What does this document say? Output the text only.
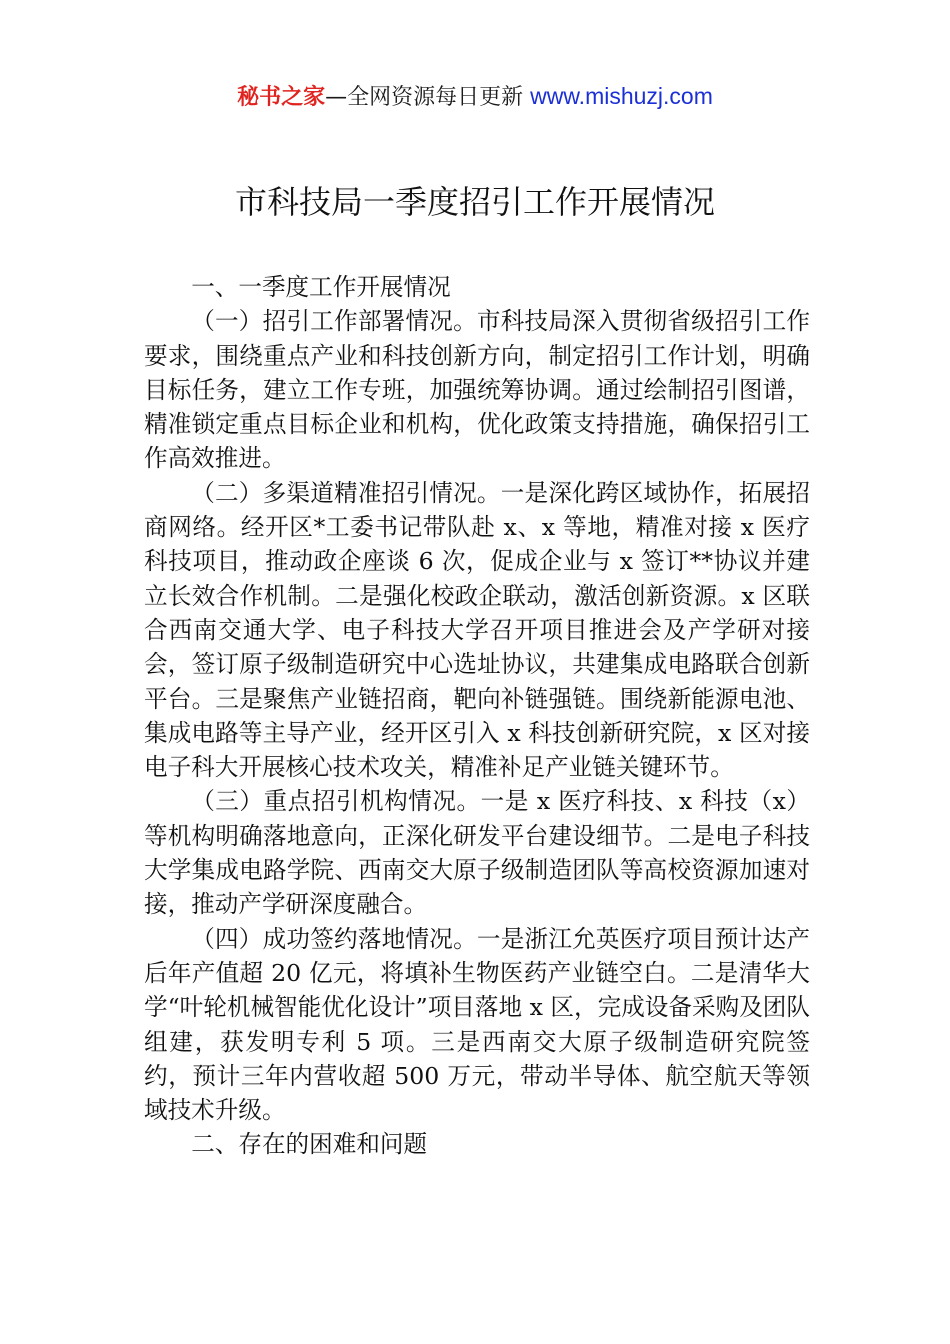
秘书之家—全网资源每日更新 www.mishuzj.com
市科技局一季度招引工作开展情况

一、一季度工作开展情况

（一）招引工作部署情况。市科技局深入贯彻省级招引工作要求，围绕重点产业和科技创新方向，制定招引工作计划，明确目标任务，建立工作专班，加强统筹协调。通过绘制招引图谱，精准锁定重点目标企业和机构，优化政策支持措施，确保招引工作高效推进。

（二）多渠道精准招引情况。一是深化跨区域协作，拓展招商网络。经开区*工委书记带队赴 x、x 等地，精准对接 x 医疗科技项目，推动政企座谈 6 次，促成企业与 x 签订**协议并建立长效合作机制。二是强化校政企联动，激活创新资源。x 区联合西南交通大学、电子科技大学召开项目推进会及产学研对接会，签订原子级制造研究中心选址协议，共建集成电路联合创新平台。三是聚焦产业链招商，靶向补链强链。围绕新能源电池、集成电路等主导产业，经开区引入 x 科技创新研究院，x 区对接电子科大开展核心技术攻关，精准补足产业链关键环节。

（三）重点招引机构情况。一是 x 医疗科技、x 科技（x）等机构明确落地意向，正深化研发平台建设细节。二是电子科技大学集成电路学院、西南交大原子级制造团队等高校资源加速对接，推动产学研深度融合。

（四）成功签约落地情况。一是浙江允英医疗项目预计达产后年产值超 20 亿元，将填补生物医药产业链空白。二是清华大学“叶轮机械智能优化设计”项目落地 x 区，完成设备采购及团队组建，获发明专利 5 项。三是西南交大原子级制造研究院签约，预计三年内营收超 500 万元，带动半导体、航空航天等领域技术升级。

二、存在的困难和问题
